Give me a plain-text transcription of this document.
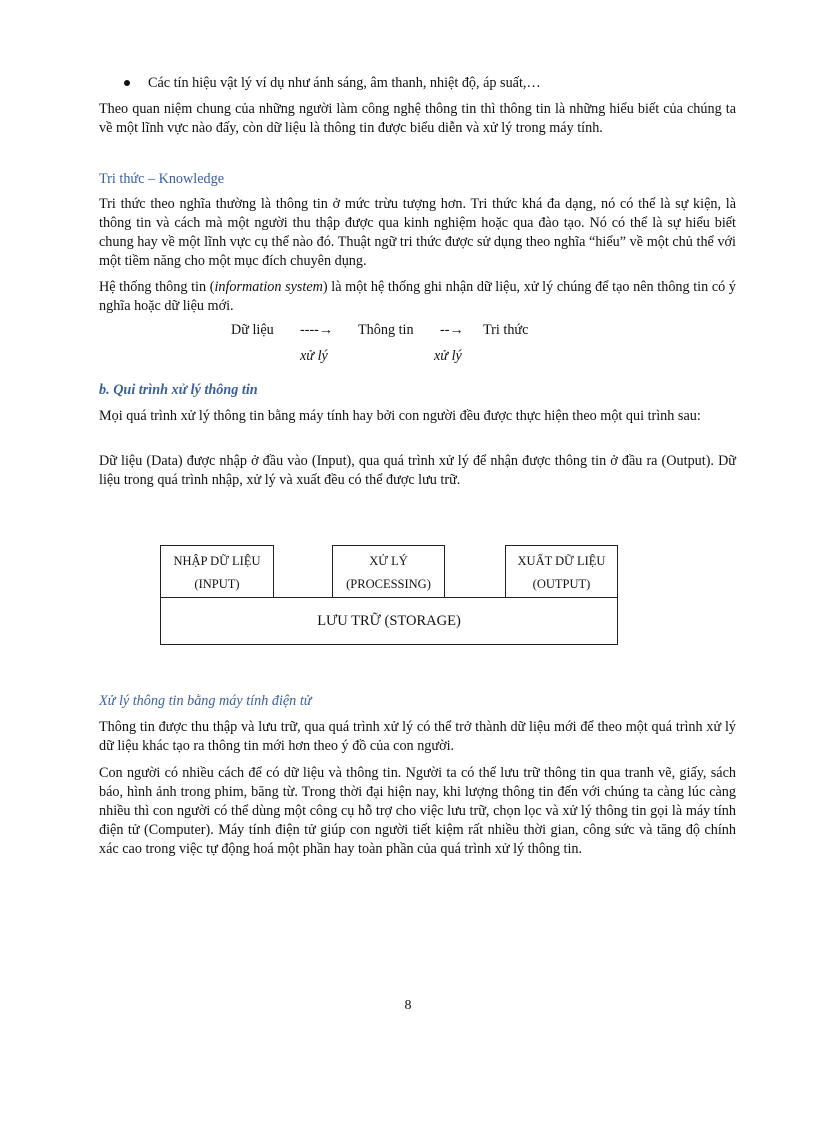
Các tín hiệu vật lý ví dụ như ánh sáng, âm thanh, nhiệt độ, áp suất,…

Theo quan niệm chung của những người làm công nghệ thông tin thì thông tin là những hiểu biết của chúng ta về một lĩnh vực nào đấy, còn dữ liệu là thông tin được biểu diễn và xử lý trong máy tính.

Tri thức – Knowledge

Tri thức theo nghĩa thường là thông tin ở mức trừu tượng hơn. Tri thức khá đa dạng, nó có thể là sự kiện, là thông tin và cách mà một người thu thập được qua kinh nghiệm hoặc qua đào tạo. Nó có thể là sự hiểu biết chung hay về một lĩnh vực cụ thể nào đó. Thuật ngữ tri thức được sử dụng theo nghĩa “hiểu” về một chủ thể với một tiềm năng cho một mục đích chuyên dụng.

Hệ thống thông tin (information system) là một hệ thống ghi nhận dữ liệu, xử lý chúng để tạo nên thông tin có ý nghĩa hoặc dữ liệu mới.

Dữ liệu ----→ Thông tin --→ Tri thức
xử lý	xử lý
b. Qui trình xử lý thông tin

Mọi quá trình xử lý thông tin bằng máy tính hay bởi con người đều được thực hiện theo một qui trình sau:

Dữ liệu (Data) được nhập ở đầu vào (Input), qua quá trình xử lý để nhận được thông tin ở đầu ra (Output). Dữ liệu trong quá trình nhập, xử lý và xuất đều có thể được lưu trữ.

NHẬP DỮ LIỆU
(INPUT)
XỬ LÝ
(PROCESSING)
XUẤT DỮ LIỆU
(OUTPUT)
LƯU TRỮ (STORAGE)
Xử lý thông tin bằng máy tính điện tử

Thông tin được thu thập và lưu trữ, qua quá trình xử lý có thể trở thành dữ liệu mới để theo một quá trình xử lý dữ liệu khác tạo ra thông tin mới hơn theo ý đồ của con người.

Con người có nhiều cách để có dữ liệu và thông tin. Người ta có thể lưu trữ thông tin qua tranh vẽ, giấy, sách báo, hình ảnh trong phim, băng từ. Trong thời đại hiện nay, khi lượng thông tin đến với chúng ta càng lúc càng nhiều thì con người có thể dùng một công cụ hỗ trợ cho việc lưu trữ, chọn lọc và xử lý thông tin gọi là máy tính điện tử (Computer). Máy tính điện tử giúp con người tiết kiệm rất nhiều thời gian, công sức và tăng độ chính xác cao trong việc tự động hoá một phần hay toàn phần của quá trình xử lý thông tin.

8
